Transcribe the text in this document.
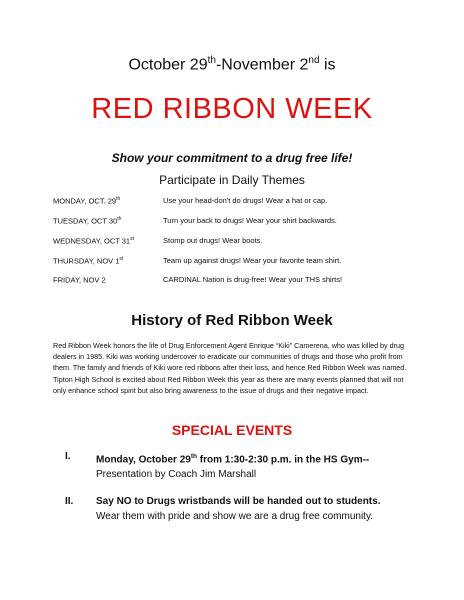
October 29th-November 2nd is
RED RIBBON WEEK
Show your commitment to a drug free life!
Participate in Daily Themes
MONDAY, OCT. 29th	Use your head-don't do drugs! Wear a hat or cap.
TUESDAY, OCT 30th	Turn your back to drugs! Wear your shirt backwards.
WEDNESDAY, OCT 31st	Stomp out drugs! Wear boots.
THURSDAY, NOV 1st	Team up against drugs! Wear your favorite team shirt.
FRIDAY, NOV 2	CARDINAL Nation is drug-free! Wear your THS shirts!
History of Red Ribbon Week
Red Ribbon Week honors the life of Drug Enforcement Agent Enrique “Kiki” Camerena, who was killed by drug dealers in 1985. Kiki was working undercover to eradicate our communities of drugs and those who profit from them. The family and friends of Kiki wore red ribbons after their loss, and hence Red Ribbon Week was named. Tipton High School is excited about Red Ribbon Week this year as there are many events planned that will not only enhance school spirit but also bring awareness to the issue of drugs and their negative impact.
SPECIAL EVENTS
I.	Monday, October 29th from 1:30-2:30 p.m. in the HS Gym--
Presentation by Coach Jim Marshall
II. Say NO to Drugs wristbands will be handed out to students. Wear them with pride and show we are a drug free community.
